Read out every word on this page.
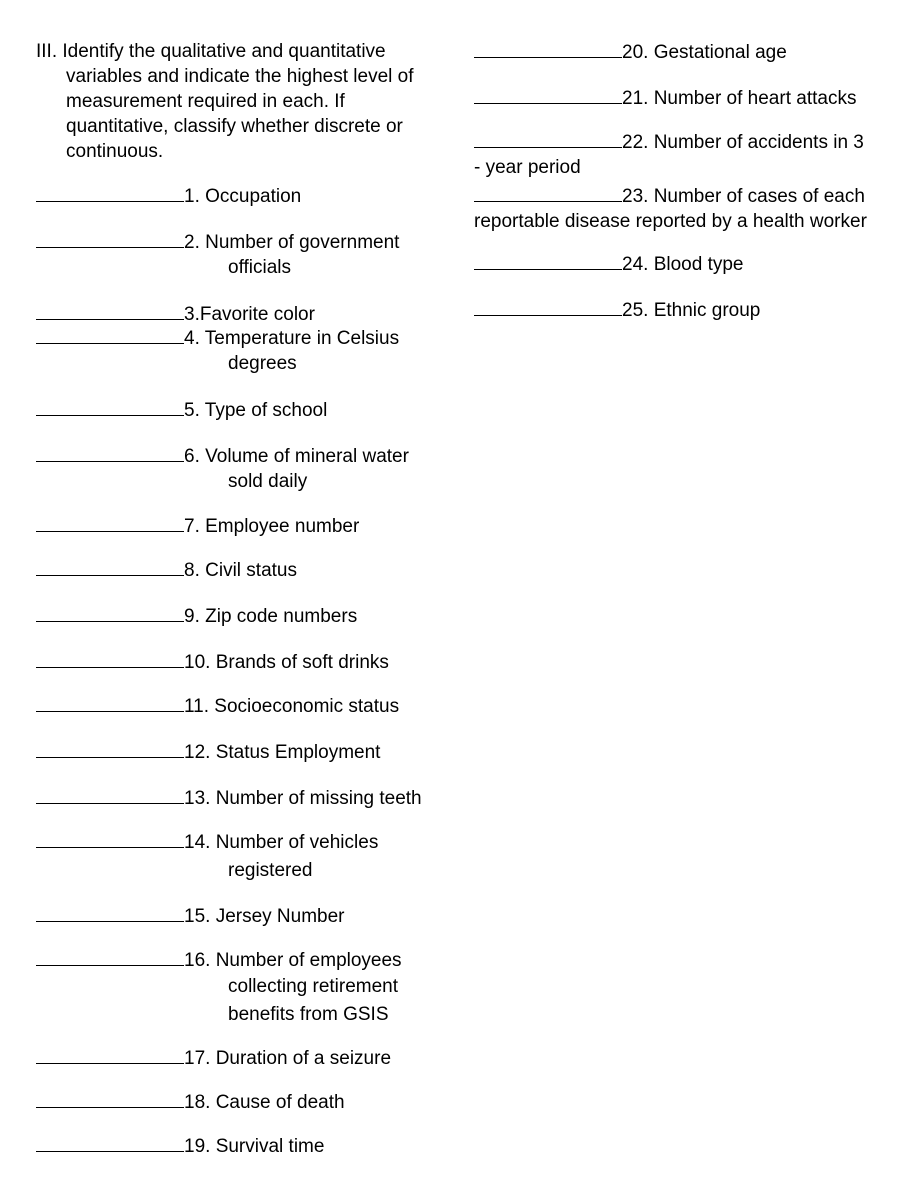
III. Identify the qualitative and quantitative variables and indicate the highest level of measurement required in each. If quantitative, classify whether discrete or continuous.

1. Occupation

2. Number of government
officials

3.Favorite color

4. Temperature in Celsius
degrees

5. Type of school

6. Volume of mineral water
sold daily

7. Employee number

8. Civil status

9. Zip code numbers

10. Brands of soft drinks

11. Socioeconomic status

12. Status Employment

13. Number of missing teeth

14. Number of vehicles
registered

15. Jersey Number

16. Number of employees
collecting retirement
benefits from GSIS

17. Duration of a seizure

18. Cause of death

19. Survival time

20. Gestational age

21. Number of heart attacks

22. Number of accidents in 3
- year period

23. Number of cases of each
reportable disease reported by a health worker

24. Blood type

25. Ethnic group
